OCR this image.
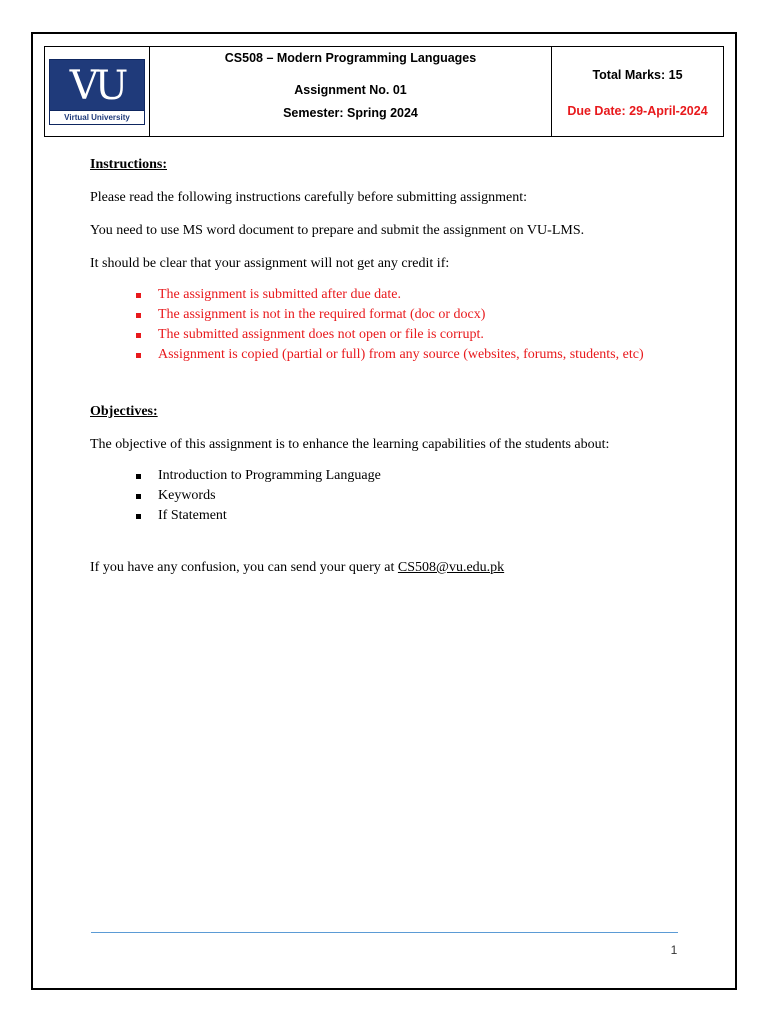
VU
Virtual University
CS508 – Modern Programming Languages
Assignment No. 01
Semester: Spring 2024
Total Marks: 15
Due Date: 29-April-2024

Instructions:

Please read the following instructions carefully before submitting assignment:

You need to use MS word document to prepare and submit the assignment on VU-LMS.

It should be clear that your assignment will not get any credit if:

The assignment is submitted after due date.
The assignment is not in the required format (doc or docx)
The submitted assignment does not open or file is corrupt.
Assignment is copied (partial or full) from any source (websites, forums, students, etc)

Objectives:

The objective of this assignment is to enhance the learning capabilities of the students about:

Introduction to Programming Language
Keywords
If Statement

If you have any confusion, you can send your query at CS508@vu.edu.pk

1
